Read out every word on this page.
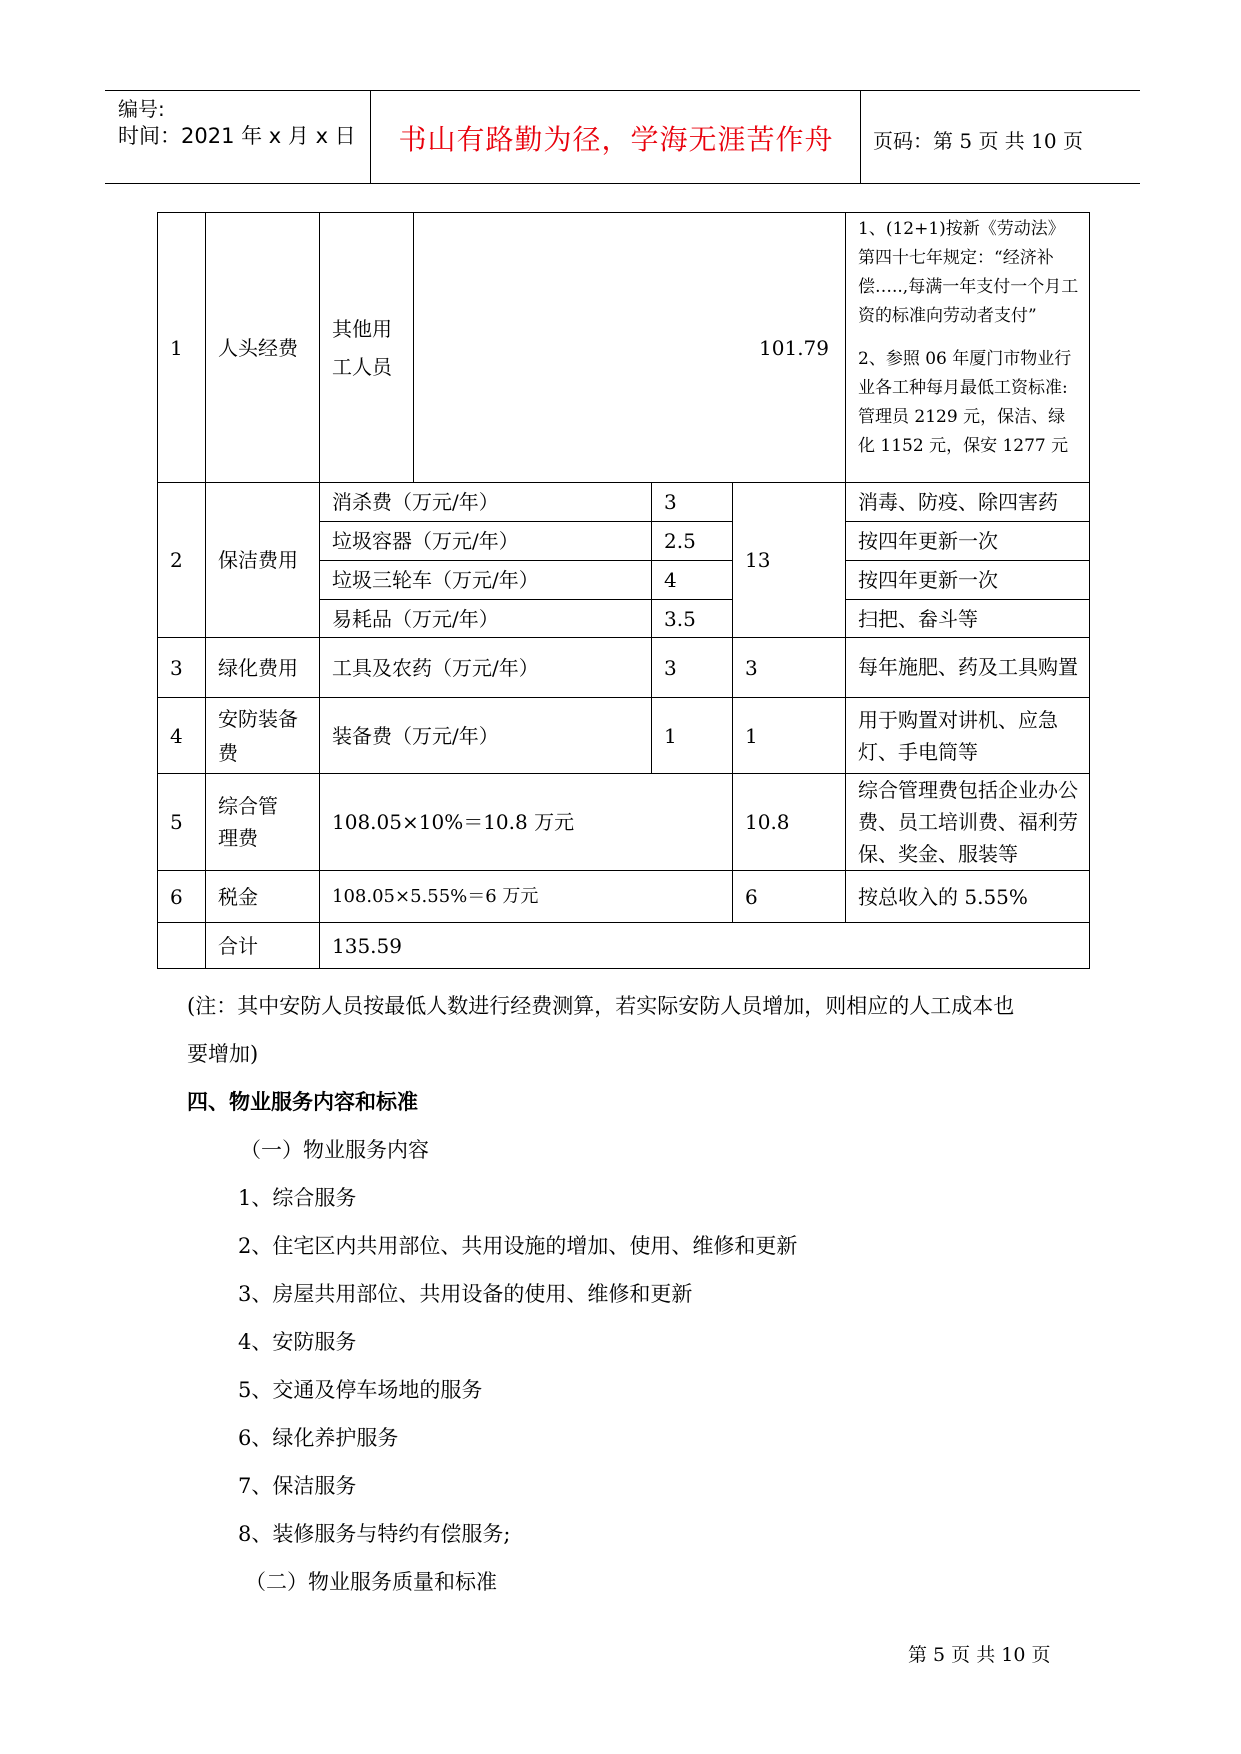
编号:
时间：2021 年 x 月 x 日	书山有路勤为径，学海无涯苦作舟	页码：第 5 页 共 10 页
1	人头经费	其他用工人员	101.79			1、(12+1)按新《劳动法》第四十七年规定：“经济补偿…..,每满一年支付一个月工资的标准向劳动者支付”
2、参照 06 年厦门市物业行业各工种每月最低工资标准: 管理员 2129 元，保洁、绿化 1152 元，保安 1277 元

2	保洁费用	消杀费（万元/年）		3	13	消毒、防疫、除四害药
		垃圾容器（万元/年）		2.5		按四年更新一次
		垃圾三轮车（万元/年）		4		按四年更新一次
		易耗品（万元/年）		3.5		扫把、畚斗等
3	绿化费用	工具及农药（万元/年）		3	3	每年施肥、药及工具购置
4	安防装备费	装备费（万元/年）		1	1	用于购置对讲机、应急灯、手电筒等
5	综合管理费	108.05×10%＝10.8 万元			10.8	综合管理费包括企业办公费、员工培训费、福利劳保、奖金、服装等
6	税金	108.05×5.55%＝6 万元			6	按总收入的 5.55%
	合计	135.59				
(注：其中安防人员按最低人数进行经费测算，若实际安防人员增加，则相应的人工成本也
要增加)
四、物业服务内容和标准
（一）物业服务内容
1、综合服务
2、住宅区内共用部位、共用设施的增加、使用、维修和更新
3、房屋共用部位、共用设备的使用、维修和更新
4、安防服务
5、交通及停车场地的服务
6、绿化养护服务
7、保洁服务
8、装修服务与特约有偿服务;
（二）物业服务质量和标准
第 5 页 共 10 页
